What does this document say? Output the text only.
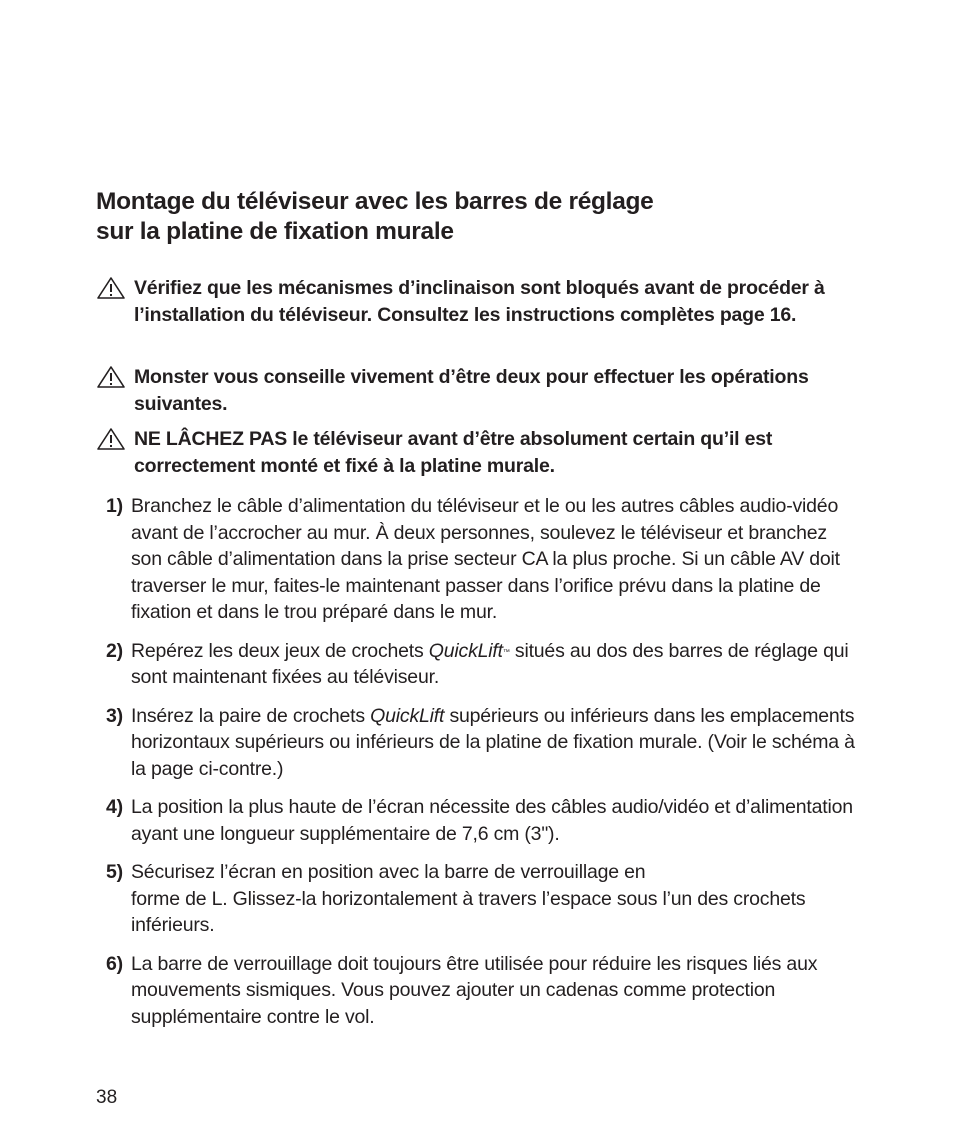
Montage du téléviseur avec les barres de réglage
sur la platine de fixation murale
Vérifiez que les mécanismes d’inclinaison sont bloqués avant de procéder à l’installation du téléviseur. Consultez les instructions complètes page 16.
Monster vous conseille vivement d’être deux pour effectuer les opérations suivantes.
NE LÂCHEZ PAS le téléviseur avant d’être absolument certain qu’il est correctement monté et fixé à la platine murale.
1) Branchez le câble d’alimentation du téléviseur et le ou les autres câbles audio-vidéo avant de l’accrocher au mur. À deux personnes, soulevez le téléviseur et branchez son câble d’alimentation dans la prise secteur CA la plus proche. Si un câble AV doit traverser le mur, faites-le maintenant passer dans l’orifice prévu dans la platine de fixation et dans le trou préparé dans le mur.
2) Repérez les deux jeux de crochets QuickLift™ situés au dos des barres de réglage qui sont maintenant fixées au téléviseur.
3) Insérez la paire de crochets QuickLift supérieurs ou inférieurs dans les emplacements horizontaux supérieurs ou inférieurs de la platine de fixation murale. (Voir le schéma à la page ci-contre.)
4) La position la plus haute de l’écran nécessite des câbles audio/vidéo et d’alimentation ayant une longueur supplémentaire de 7,6 cm (3").
5) Sécurisez l’écran en position avec la barre de verrouillage en
forme de L. Glissez-la horizontalement à travers l’espace sous l’un des crochets inférieurs.
6) La barre de verrouillage doit toujours être utilisée pour réduire les risques liés aux mouvements sismiques. Vous pouvez ajouter un cadenas comme protection supplémentaire contre le vol.
38
